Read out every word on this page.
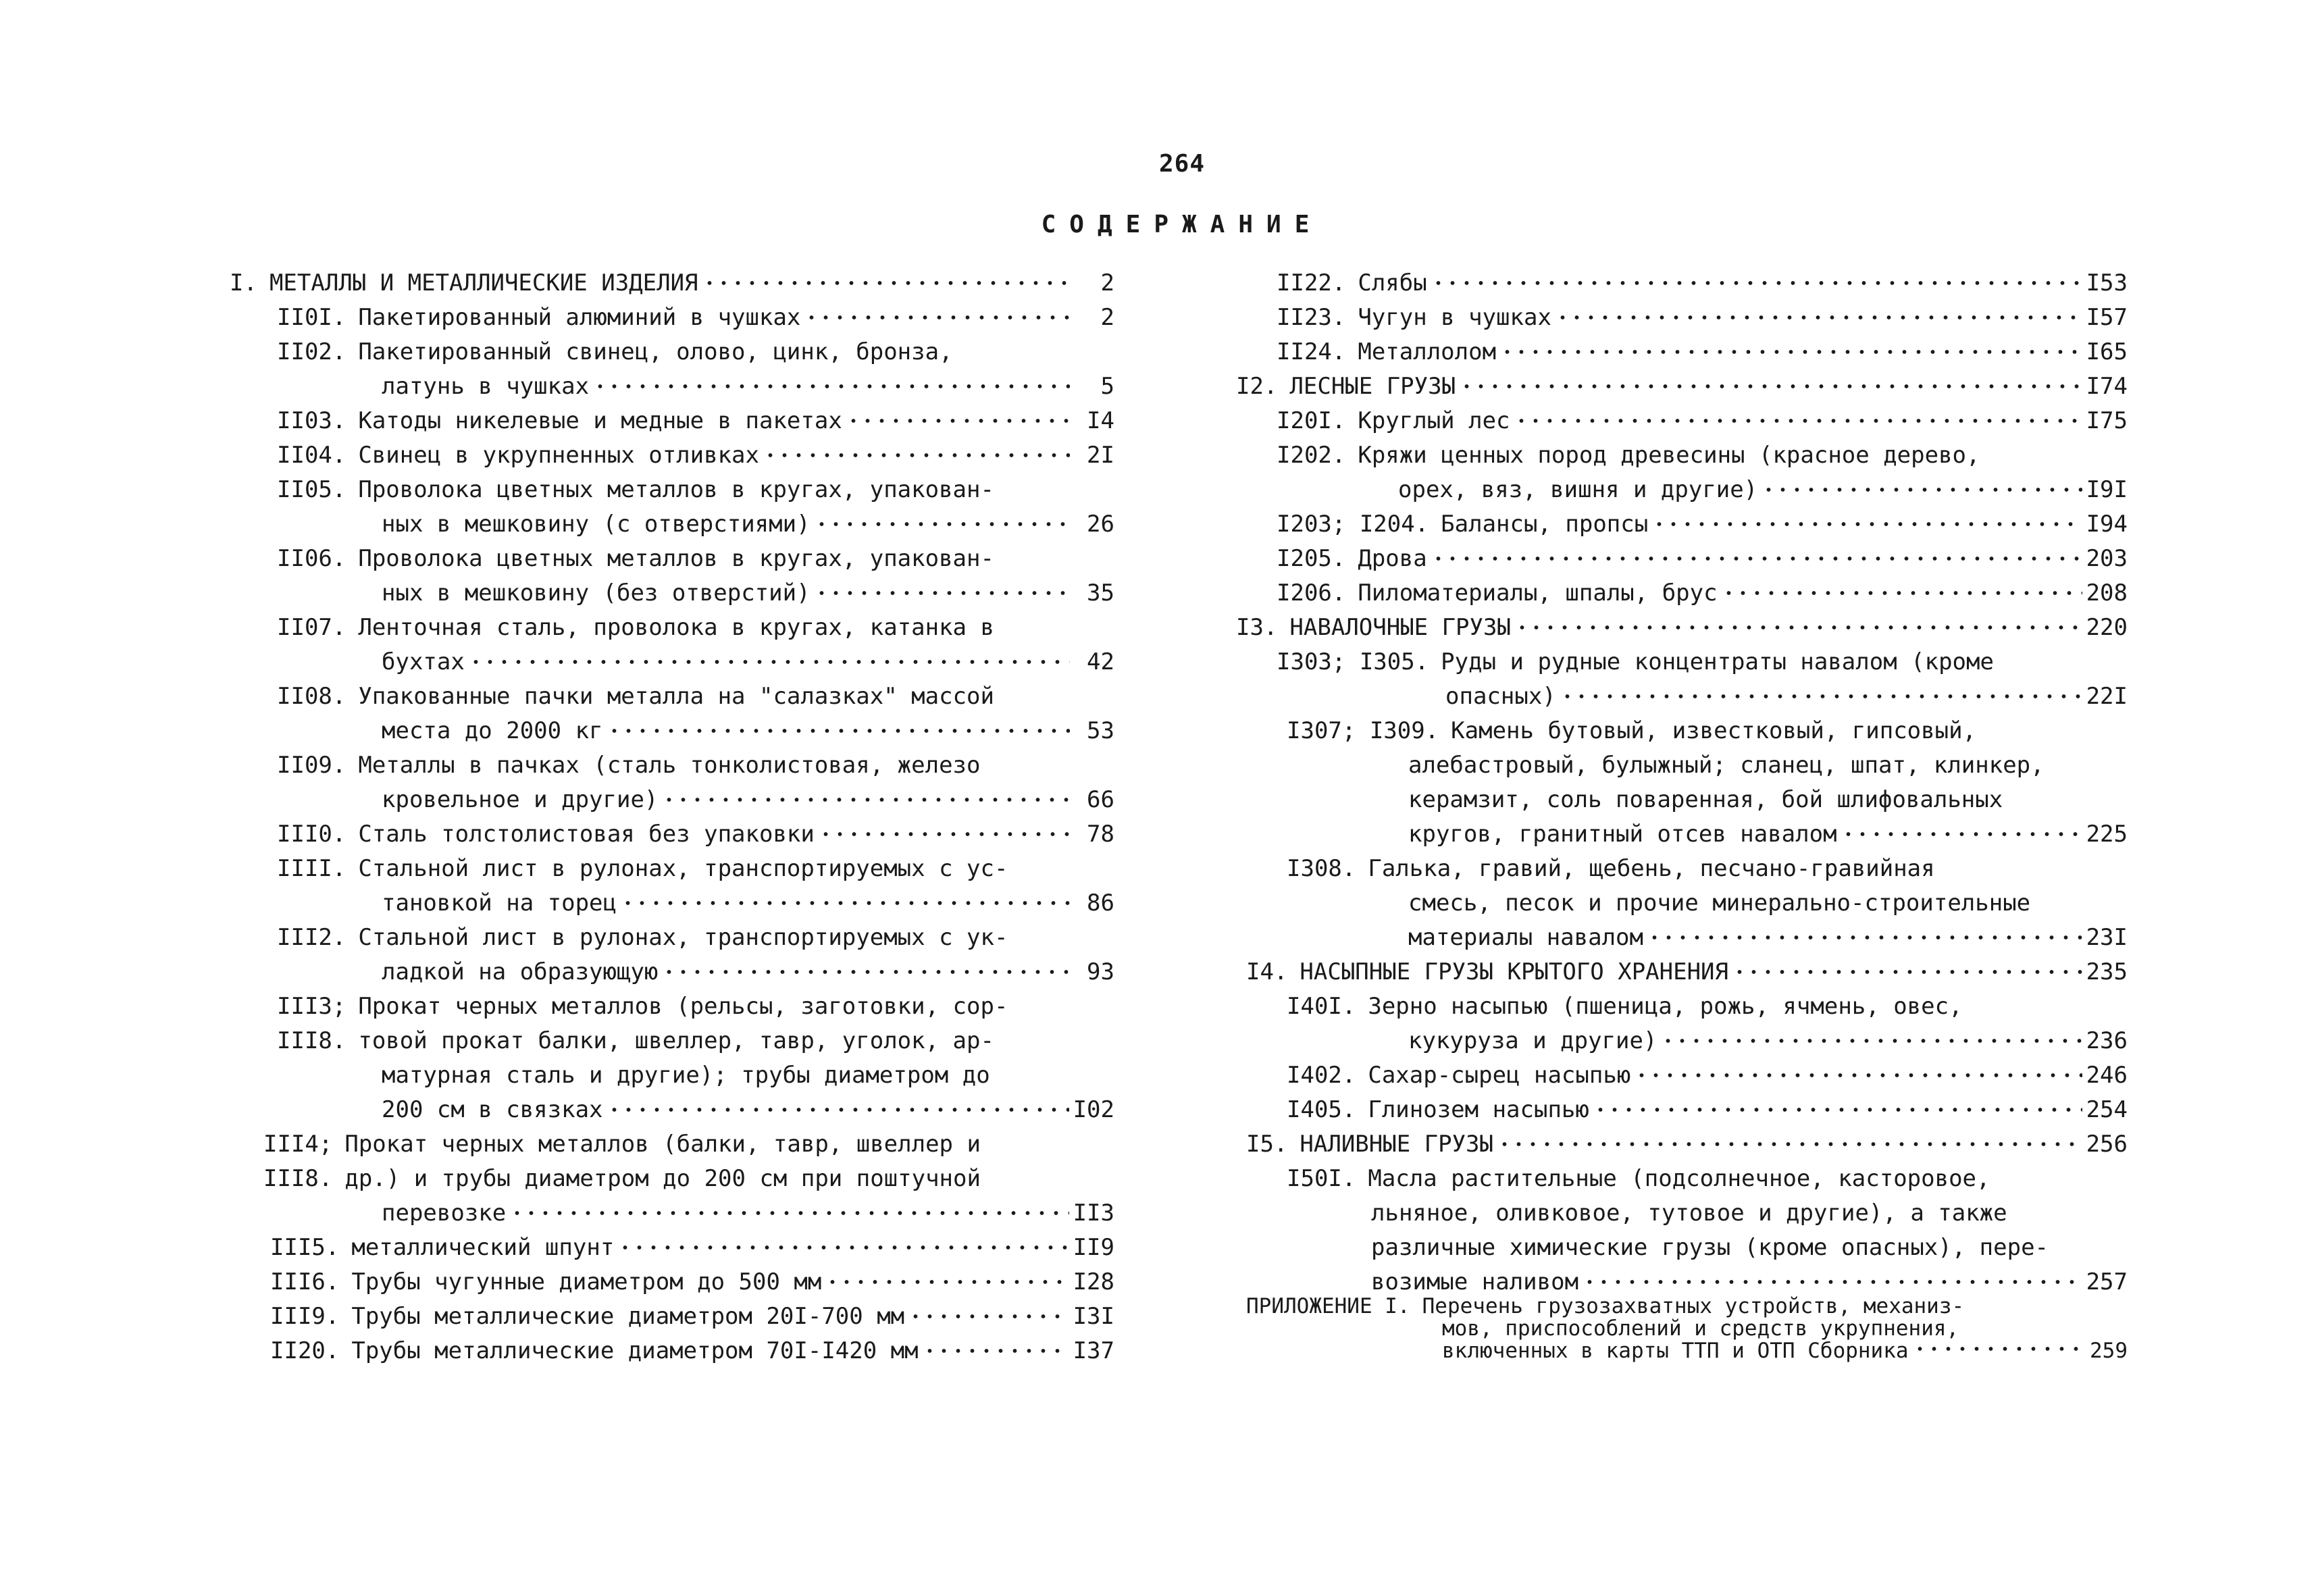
264
СОДЕРЖАНИЕ
I. МЕТАЛЛЫ И МЕТАЛЛИЧЕСКИЕ ИЗДЕЛИЯ	2
II0I. Пакетированный алюминий в чушках	2
II02. Пакетированный свинец, олово, цинк, бронза,
латунь в чушках	5
II03. Катоды никелевые и медные в пакетах	I4
II04. Свинец в укрупненных отливках	2I
II05. Проволока цветных металлов в кругах, упакован-
ных в мешковину (с отверстиями)	26
II06. Проволока цветных металлов в кругах, упакован-
ных в мешковину (без отверстий)	35
II07. Ленточная сталь, проволока в кругах, катанка в
бухтах	42
II08. Упакованные пачки металла на "салазках" массой
места до 2000 кг	53
II09. Металлы в пачках (сталь тонколистовая, железо
кровельное и другие)	66
III0. Сталь толстолистовая без упаковки	78
IIII. Стальной лист в рулонах, транспортируемых с ус-
тановкой на торец	86
III2. Стальной лист в рулонах, транспортируемых с ук-
ладкой на образующую	93
III3; Прокат черных металлов (рельсы, заготовки, сор-
III8. товой прокат балки, швеллер, тавр, уголок, ар-
матурная сталь и другие); трубы диаметром до
200 см в связках	I02
III4; Прокат черных металлов (балки, тавр, швеллер и
III8. др.) и трубы диаметром до 200 см при поштучной
перевозке	II3
III5. металлический шпунт	II9
III6. Трубы чугунные диаметром до 500 мм	I28
III9. Трубы металлические диаметром 20I-700 мм	I3I
II20. Трубы металлические диаметром 70I-I420 мм	I37
II22. Слябы	I53
II23. Чугун в чушках	I57
II24. Металлолом	I65
I2. ЛЕСНЫЕ ГРУЗЫ	I74
I20I. Круглый лес	I75
I202. Кряжи ценных пород древесины (красное дерево,
орех, вяз, вишня и другие)	I9I
I203; I204. Балансы, пропсы	I94
I205. Дрова	203
I206. Пиломатериалы, шпалы, брус	208
I3. НАВАЛОЧНЫЕ ГРУЗЫ	220
I303; I305. Руды и рудные концентраты навалом (кроме
опасных)	22I
I307; I309. Камень бутовый, известковый, гипсовый,
алебастровый, булыжный; сланец, шпат, клинкер,
керамзит, соль поваренная, бой шлифовальных
кругов, гранитный отсев навалом	225
I308. Галька, гравий, щебень, песчано-гравийная
смесь, песок и прочие минерально-строительные
материалы навалом	23I
I4. НАСЫПНЫЕ ГРУЗЫ КРЫТОГО ХРАНЕНИЯ	235
I40I. Зерно насыпью (пшеница, рожь, ячмень, овес,
кукуруза и другие)	236
I402. Сахар-сырец насыпью	246
I405. Глинозем насыпью	254
I5. НАЛИВНЫЕ ГРУЗЫ	256
I50I. Масла растительные (подсолнечное, касторовое,
льняное, оливковое, тутовое и другие), а также
различные химические грузы (кроме опасных), пере-
возимые наливом	257
ПРИЛОЖЕНИЕ I. Перечень грузозахватных устройств, механиз-
мов, приспособлений и средств укрупнения,
включенных в карты ТТП и ОТП Сборника	259
